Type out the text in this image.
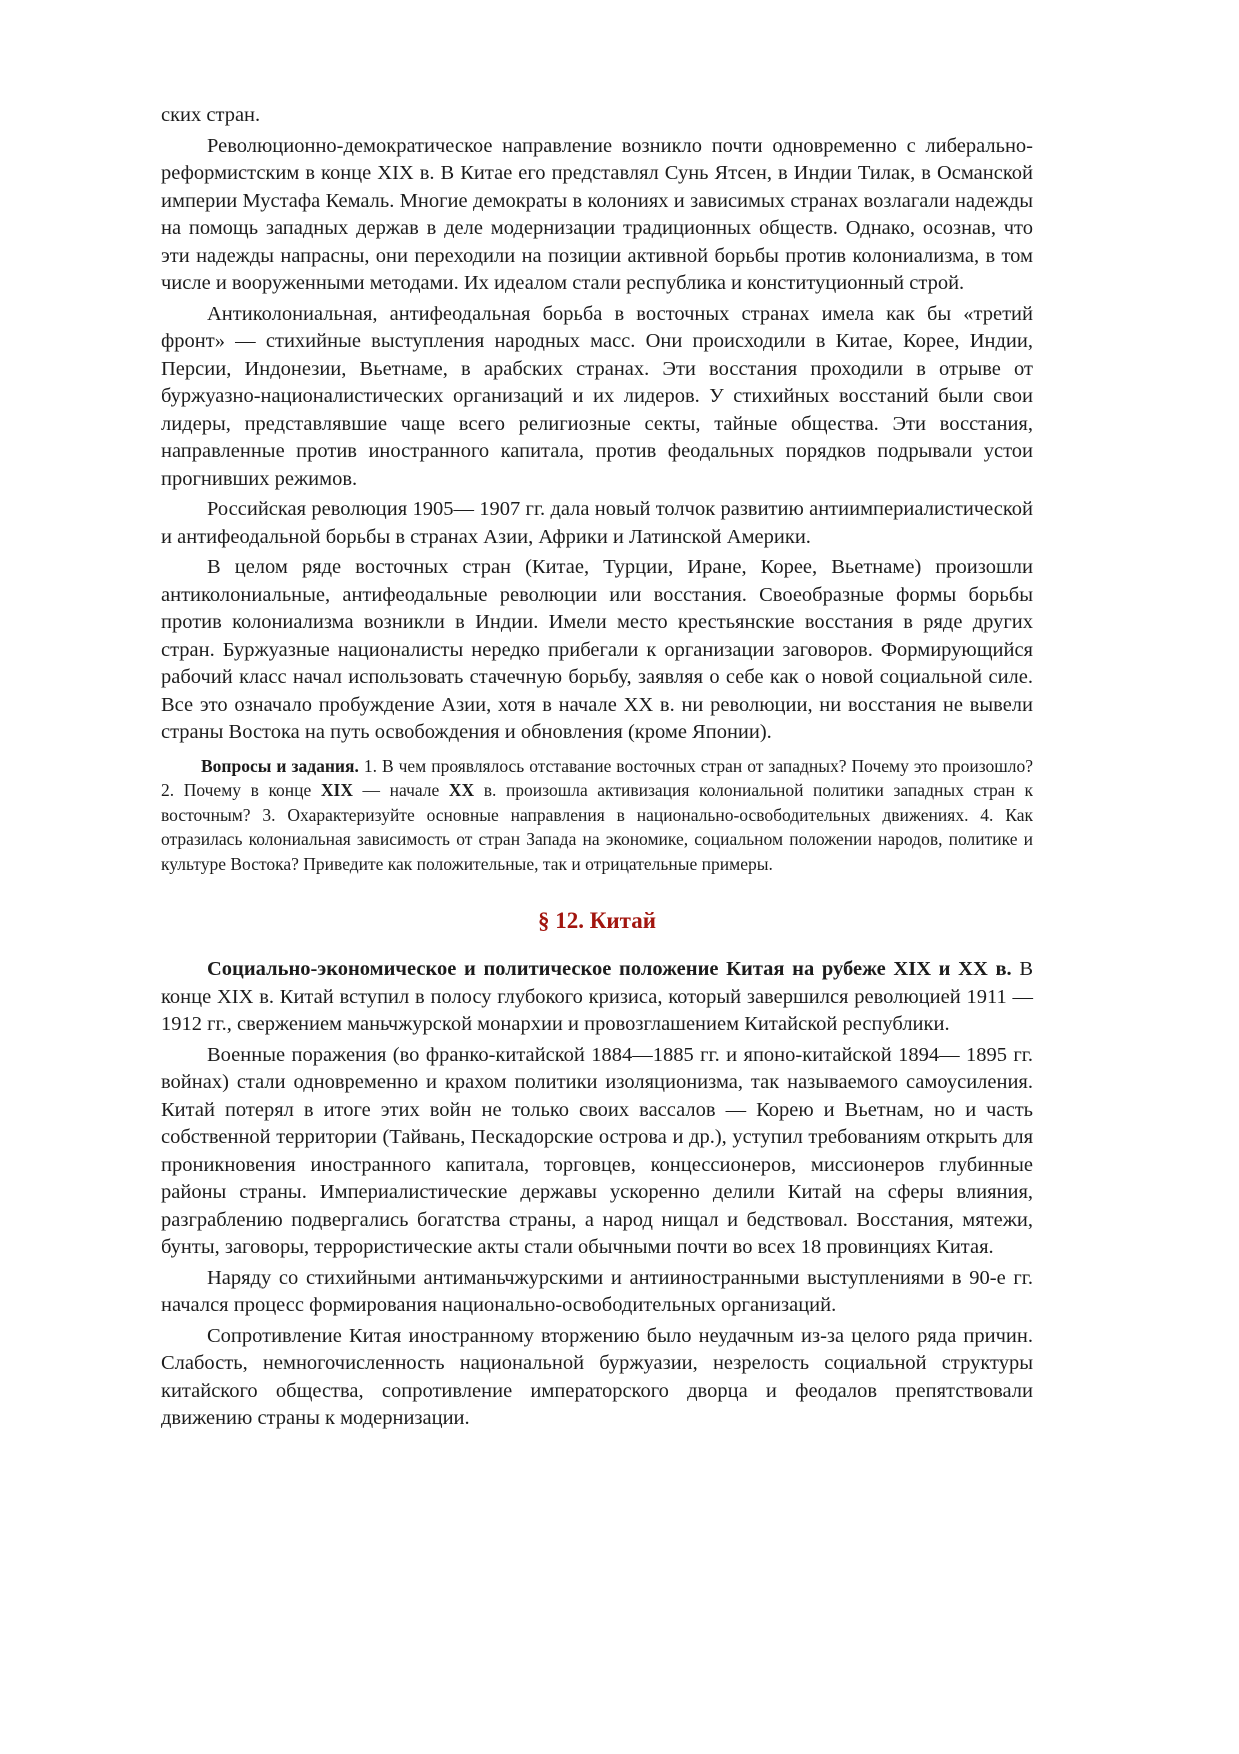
ских стран.

Революционно-демократическое направление возникло почти одновременно с либерально-реформистским в конце XIX в. В Китае его представлял Сунь Ятсен, в Индии Тилак, в Османской империи Мустафа Кемаль. Многие демократы в колониях и зависимых странах возлагали надежды на помощь западных держав в деле модернизации традиционных обществ. Однако, осознав, что эти надежды напрасны, они переходили на позиции активной борьбы против колониализма, в том числе и вооруженными методами. Их идеалом стали республика и конституционный строй.

Антиколониальная, антифеодальная борьба в восточных странах имела как бы «третий фронт» — стихийные выступления народных масс. Они происходили в Китае, Корее, Индии, Персии, Индонезии, Вьетнаме, в арабских странах. Эти восстания проходили в отрыве от буржуазно-националистических организаций и их лидеров. У стихийных восстаний были свои лидеры, представлявшие чаще всего религиозные секты, тайные общества. Эти восстания, направленные против иностранного капитала, против феодальных порядков подрывали устои прогнивших режимов.

Российская революция 1905— 1907 гг. дала новый толчок развитию антиимпериалистической и антифеодальной борьбы в странах Азии, Африки и Латинской Америки.

В целом ряде восточных стран (Китае, Турции, Иране, Корее, Вьетнаме) произошли антиколониальные, антифеодальные революции или восстания. Своеобразные формы борьбы против колониализма возникли в Индии. Имели место крестьянские восстания в ряде других стран. Буржуазные националисты нередко прибегали к организации заговоров. Формирующийся рабочий класс начал использовать стачечную борьбу, заявляя о себе как о новой социальной силе. Все это означало пробуждение Азии, хотя в начале XX в. ни революции, ни восстания не вывели страны Востока на путь освобождения и обновления (кроме Японии).

Вопросы и задания. 1. В чем проявлялось отставание восточных стран от западных? Почему это произошло? 2. Почему в конце XIX — начале XX в. произошла активизация колониальной политики западных стран к восточным? 3. Охарактеризуйте основные направления в национально-освободительных движениях. 4. Как отразилась колониальная зависимость от стран Запада на экономике, социальном положении народов, политике и культуре Востока? Приведите как положительные, так и отрицательные примеры.

§ 12. Китай

Социально-экономическое и политическое положение Китая на рубеже XIX и XX в. В конце XIX в. Китай вступил в полосу глубокого кризиса, который завершился революцией 1911 —1912 гг., свержением маньчжурской монархии и провозглашением Китайской республики.

Военные поражения (во франко-китайской 1884—1885 гг. и японо-китайской 1894— 1895 гг. войнах) стали одновременно и крахом политики изоляционизма, так называемого самоусиления. Китай потерял в итоге этих войн не только своих вассалов — Корею и Вьетнам, но и часть собственной территории (Тайвань, Пескадорские острова и др.), уступил требованиям открыть для проникновения иностранного капитала, торговцев, концессионеров, миссионеров глубинные районы страны. Империалистические державы ускоренно делили Китай на сферы влияния, разграблению подвергались богатства страны, а народ нищал и бедствовал. Восстания, мятежи, бунты, заговоры, террористические акты стали обычными почти во всех 18 провинциях Китая.

Наряду со стихийными антиманьчжурскими и антииностранными выступлениями в 90-е гг. начался процесс формирования национально-освободительных организаций.

Сопротивление Китая иностранному вторжению было неудачным из-за целого ряда причин. Слабость, немногочисленность национальной буржуазии, незрелость социальной структуры китайского общества, сопротивление императорского дворца и феодалов препятствовали движению страны к модернизации.
